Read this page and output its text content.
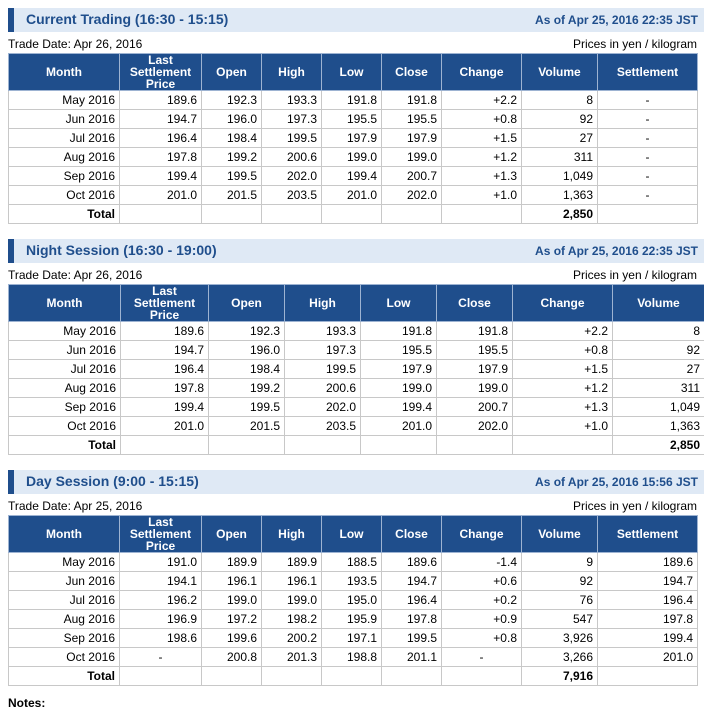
Current Trading (16:30 - 15:15)	As of Apr 25, 2016 22:35 JST
Trade Date: Apr 26, 2016	Prices in yen / kilogram
Month	Last Settlement Price	Open	High	Low	Close	Change	Volume	Settlement
May 2016	189.6	192.3	193.3	191.8	191.8	+2.2	8	-
Jun 2016	194.7	196.0	197.3	195.5	195.5	+0.8	92	-
Jul 2016	196.4	198.4	199.5	197.9	197.9	+1.5	27	-
Aug 2016	197.8	199.2	200.6	199.0	199.0	+1.2	311	-
Sep 2016	199.4	199.5	202.0	199.4	200.7	+1.3	1,049	-
Oct 2016	201.0	201.5	203.5	201.0	202.0	+1.0	1,363	-
Total							2,850	
Night Session (16:30 - 19:00)	As of Apr 25, 2016 22:35 JST
Trade Date: Apr 26, 2016	Prices in yen / kilogram
Month	Last Settlement Price	Open	High	Low	Close	Change	Volume
May 2016	189.6	192.3	193.3	191.8	191.8	+2.2	8
Jun 2016	194.7	196.0	197.3	195.5	195.5	+0.8	92
Jul 2016	196.4	198.4	199.5	197.9	197.9	+1.5	27
Aug 2016	197.8	199.2	200.6	199.0	199.0	+1.2	311
Sep 2016	199.4	199.5	202.0	199.4	200.7	+1.3	1,049
Oct 2016	201.0	201.5	203.5	201.0	202.0	+1.0	1,363
Total							2,850
Day Session (9:00 - 15:15)	As of Apr 25, 2016 15:56 JST
Trade Date: Apr 25, 2016	Prices in yen / kilogram
Month	Last Settlement Price	Open	High	Low	Close	Change	Volume	Settlement
May 2016	191.0	189.9	189.9	188.5	189.6	-1.4	9	189.6
Jun 2016	194.1	196.1	196.1	193.5	194.7	+0.6	92	194.7
Jul 2016	196.2	199.0	199.0	195.0	196.4	+0.2	76	196.4
Aug 2016	196.9	197.2	198.2	195.9	197.8	+0.9	547	197.8
Sep 2016	198.6	199.6	200.2	197.1	199.5	+0.8	3,926	199.4
Oct 2016	-	200.8	201.3	198.8	201.1	-	3,266	201.0
Total							7,916	
Notes:
